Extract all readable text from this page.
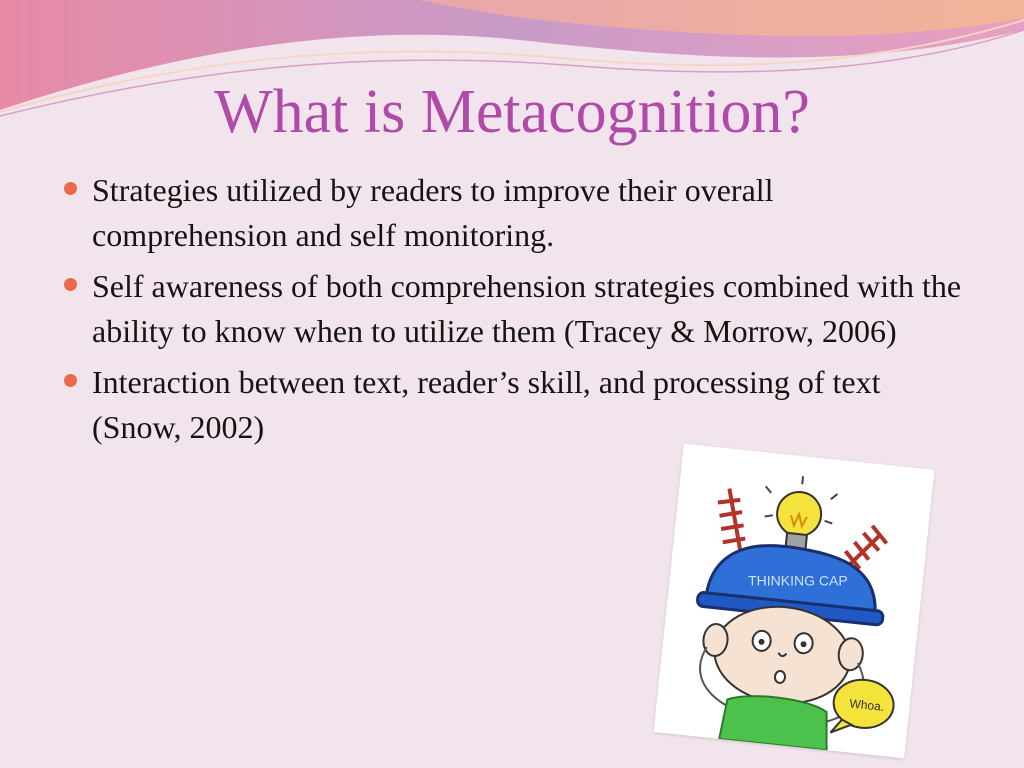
What is Metacognition?
Strategies utilized by readers to improve their overall comprehension and self monitoring.
Self awareness of both comprehension strategies combined with the ability to know when to utilize them (Tracey & Morrow, 2006)
Interaction between text, reader’s skill, and processing of text (Snow, 2002)
THINKING CAP
Whoa.
